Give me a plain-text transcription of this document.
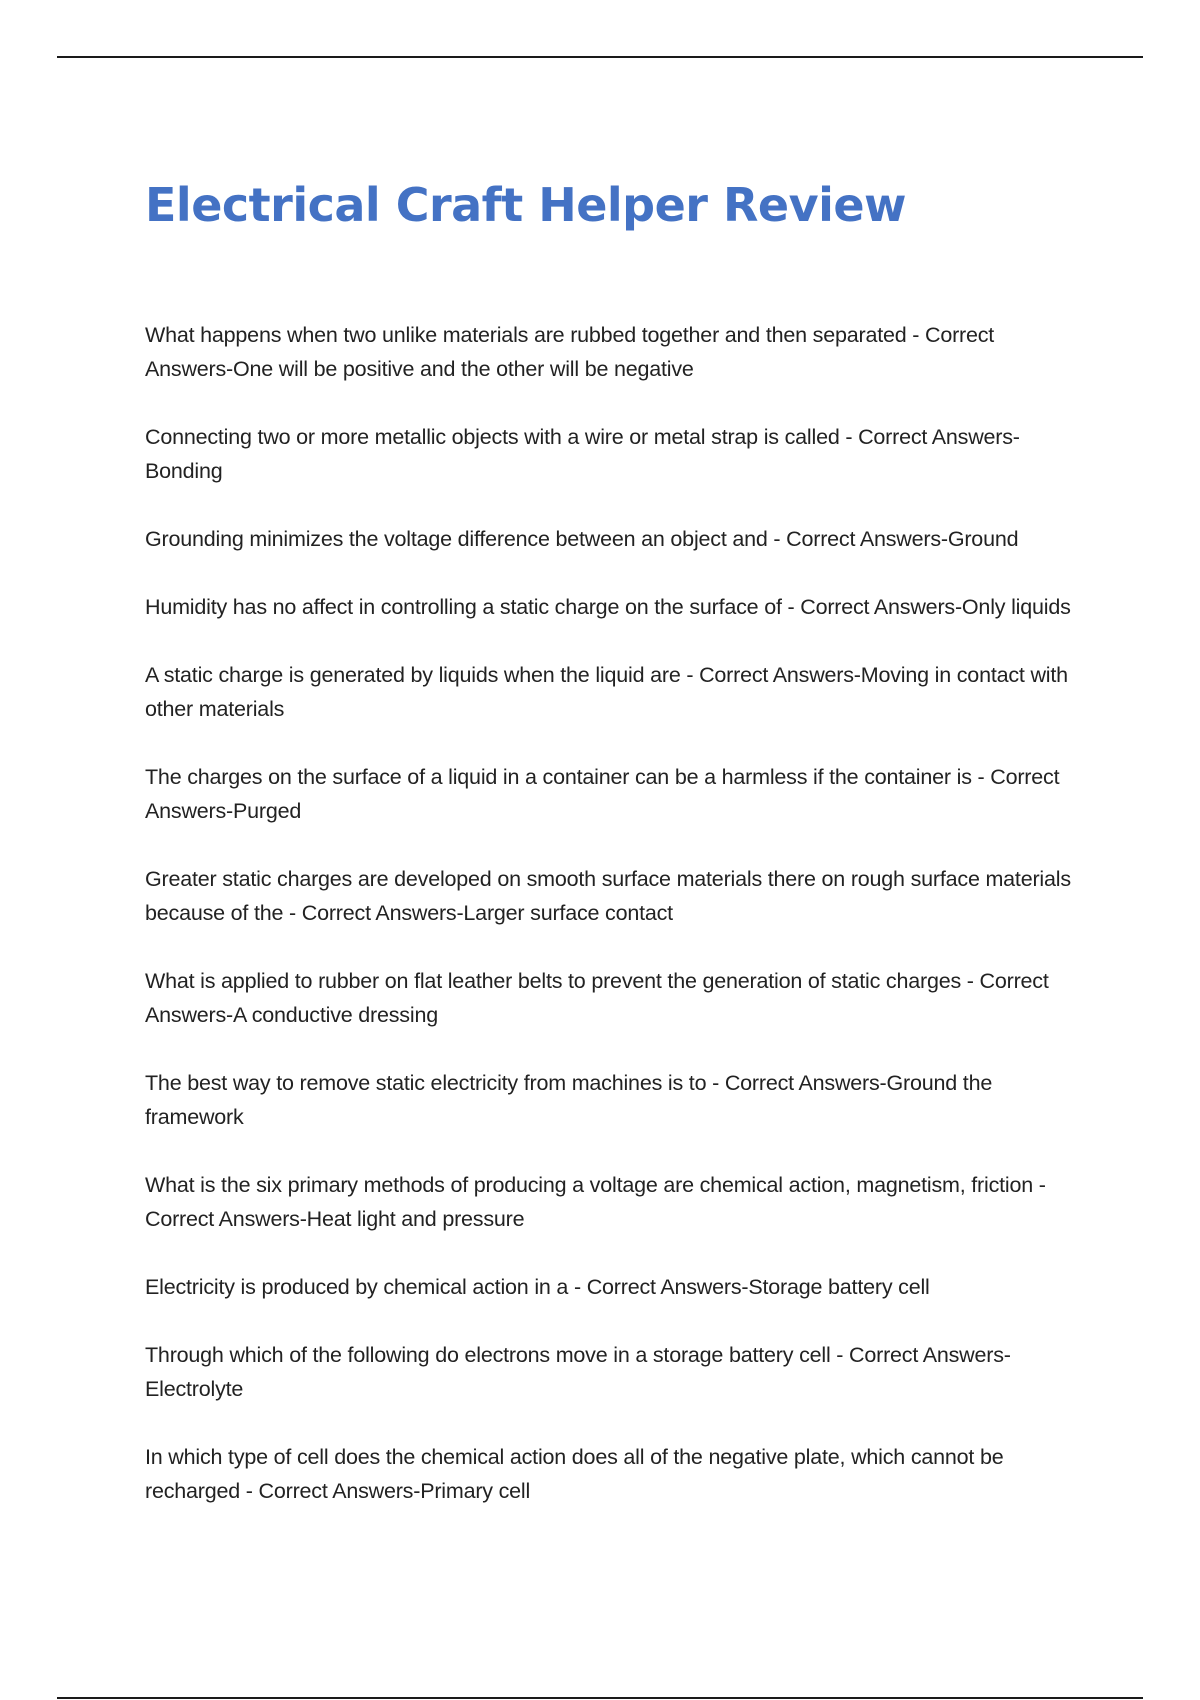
Electrical Craft Helper Review
What happens when two unlike materials are rubbed together and then separated - Correct Answers-One will be positive and the other will be negative
Connecting two or more metallic objects with a wire or metal strap is called - Correct Answers-Bonding
Grounding minimizes the voltage difference between an object and - Correct Answers-Ground
Humidity has no affect in controlling a static charge on the surface of - Correct Answers-Only liquids
A static charge is generated by liquids when the liquid are - Correct Answers-Moving in contact with other materials
The charges on the surface of a liquid in a container can be a harmless if the container is - Correct Answers-Purged
Greater static charges are developed on smooth surface materials there on rough surface materials because of the - Correct Answers-Larger surface contact
What is applied to rubber on flat leather belts to prevent the generation of static charges - Correct Answers-A conductive dressing
The best way to remove static electricity from machines is to - Correct Answers-Ground the framework
What is the six primary methods of producing a voltage are chemical action, magnetism, friction - Correct Answers-Heat light and pressure
Electricity is produced by chemical action in a - Correct Answers-Storage battery cell
Through which of the following do electrons move in a storage battery cell - Correct Answers-Electrolyte
In which type of cell does the chemical action does all of the negative plate, which cannot be recharged - Correct Answers-Primary cell
